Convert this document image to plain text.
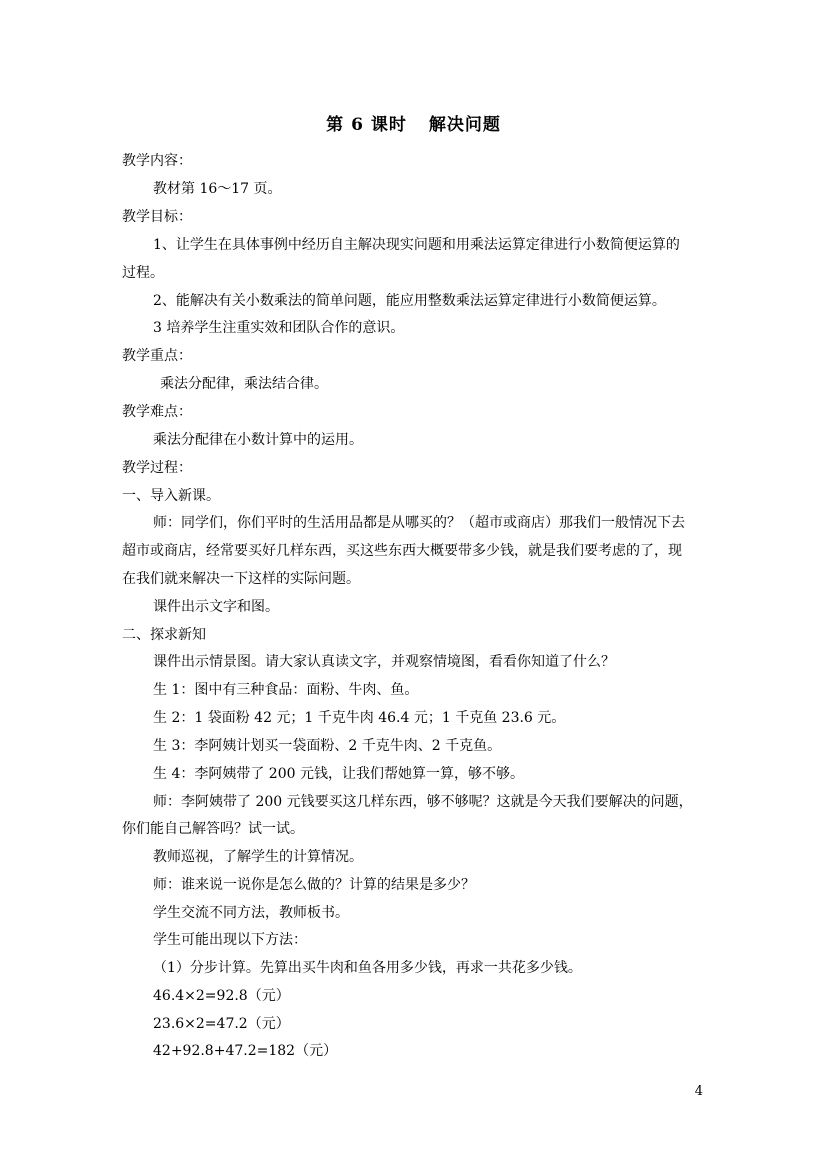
第 6 课时 解决问题
教学内容：
教材第 16～17 页。
教学目标：
1、让学生在具体事例中经历自主解决现实问题和用乘法运算定律进行小数简便运算的
过程。
2、能解决有关小数乘法的简单问题，能应用整数乘法运算定律进行小数简便运算。
3 培养学生注重实效和团队合作的意识。
教学重点：
乘法分配律，乘法结合律。
教学难点：
乘法分配律在小数计算中的运用。
教学过程：
一、导入新课。
师：同学们，你们平时的生活用品都是从哪买的？（超市或商店）那我们一般情况下去
超市或商店，经常要买好几样东西，买这些东西大概要带多少钱，就是我们要考虑的了，现
在我们就来解决一下这样的实际问题。
课件出示文字和图。
二、探求新知
课件出示情景图。请大家认真读文字，并观察情境图，看看你知道了什么？
生 1：图中有三种食品：面粉、牛肉、鱼。
生 2：1 袋面粉 42 元；1 千克牛肉 46.4 元；1 千克鱼 23.6 元。
生 3：李阿姨计划买一袋面粉、2 千克牛肉、2 千克鱼。
生 4：李阿姨带了 200 元钱，让我们帮她算一算，够不够。
师：李阿姨带了 200 元钱要买这几样东西，够不够呢？这就是今天我们要解决的问题，
你们能自己解答吗？试一试。
教师巡视，了解学生的计算情况。
师：谁来说一说你是怎么做的？计算的结果是多少？
学生交流不同方法，教师板书。
学生可能出现以下方法：
（1）分步计算。先算出买牛肉和鱼各用多少钱，再求一共花多少钱。
46.4×2=92.8（元）
23.6×2=47.2（元）
42+92.8+47.2=182（元）
4
